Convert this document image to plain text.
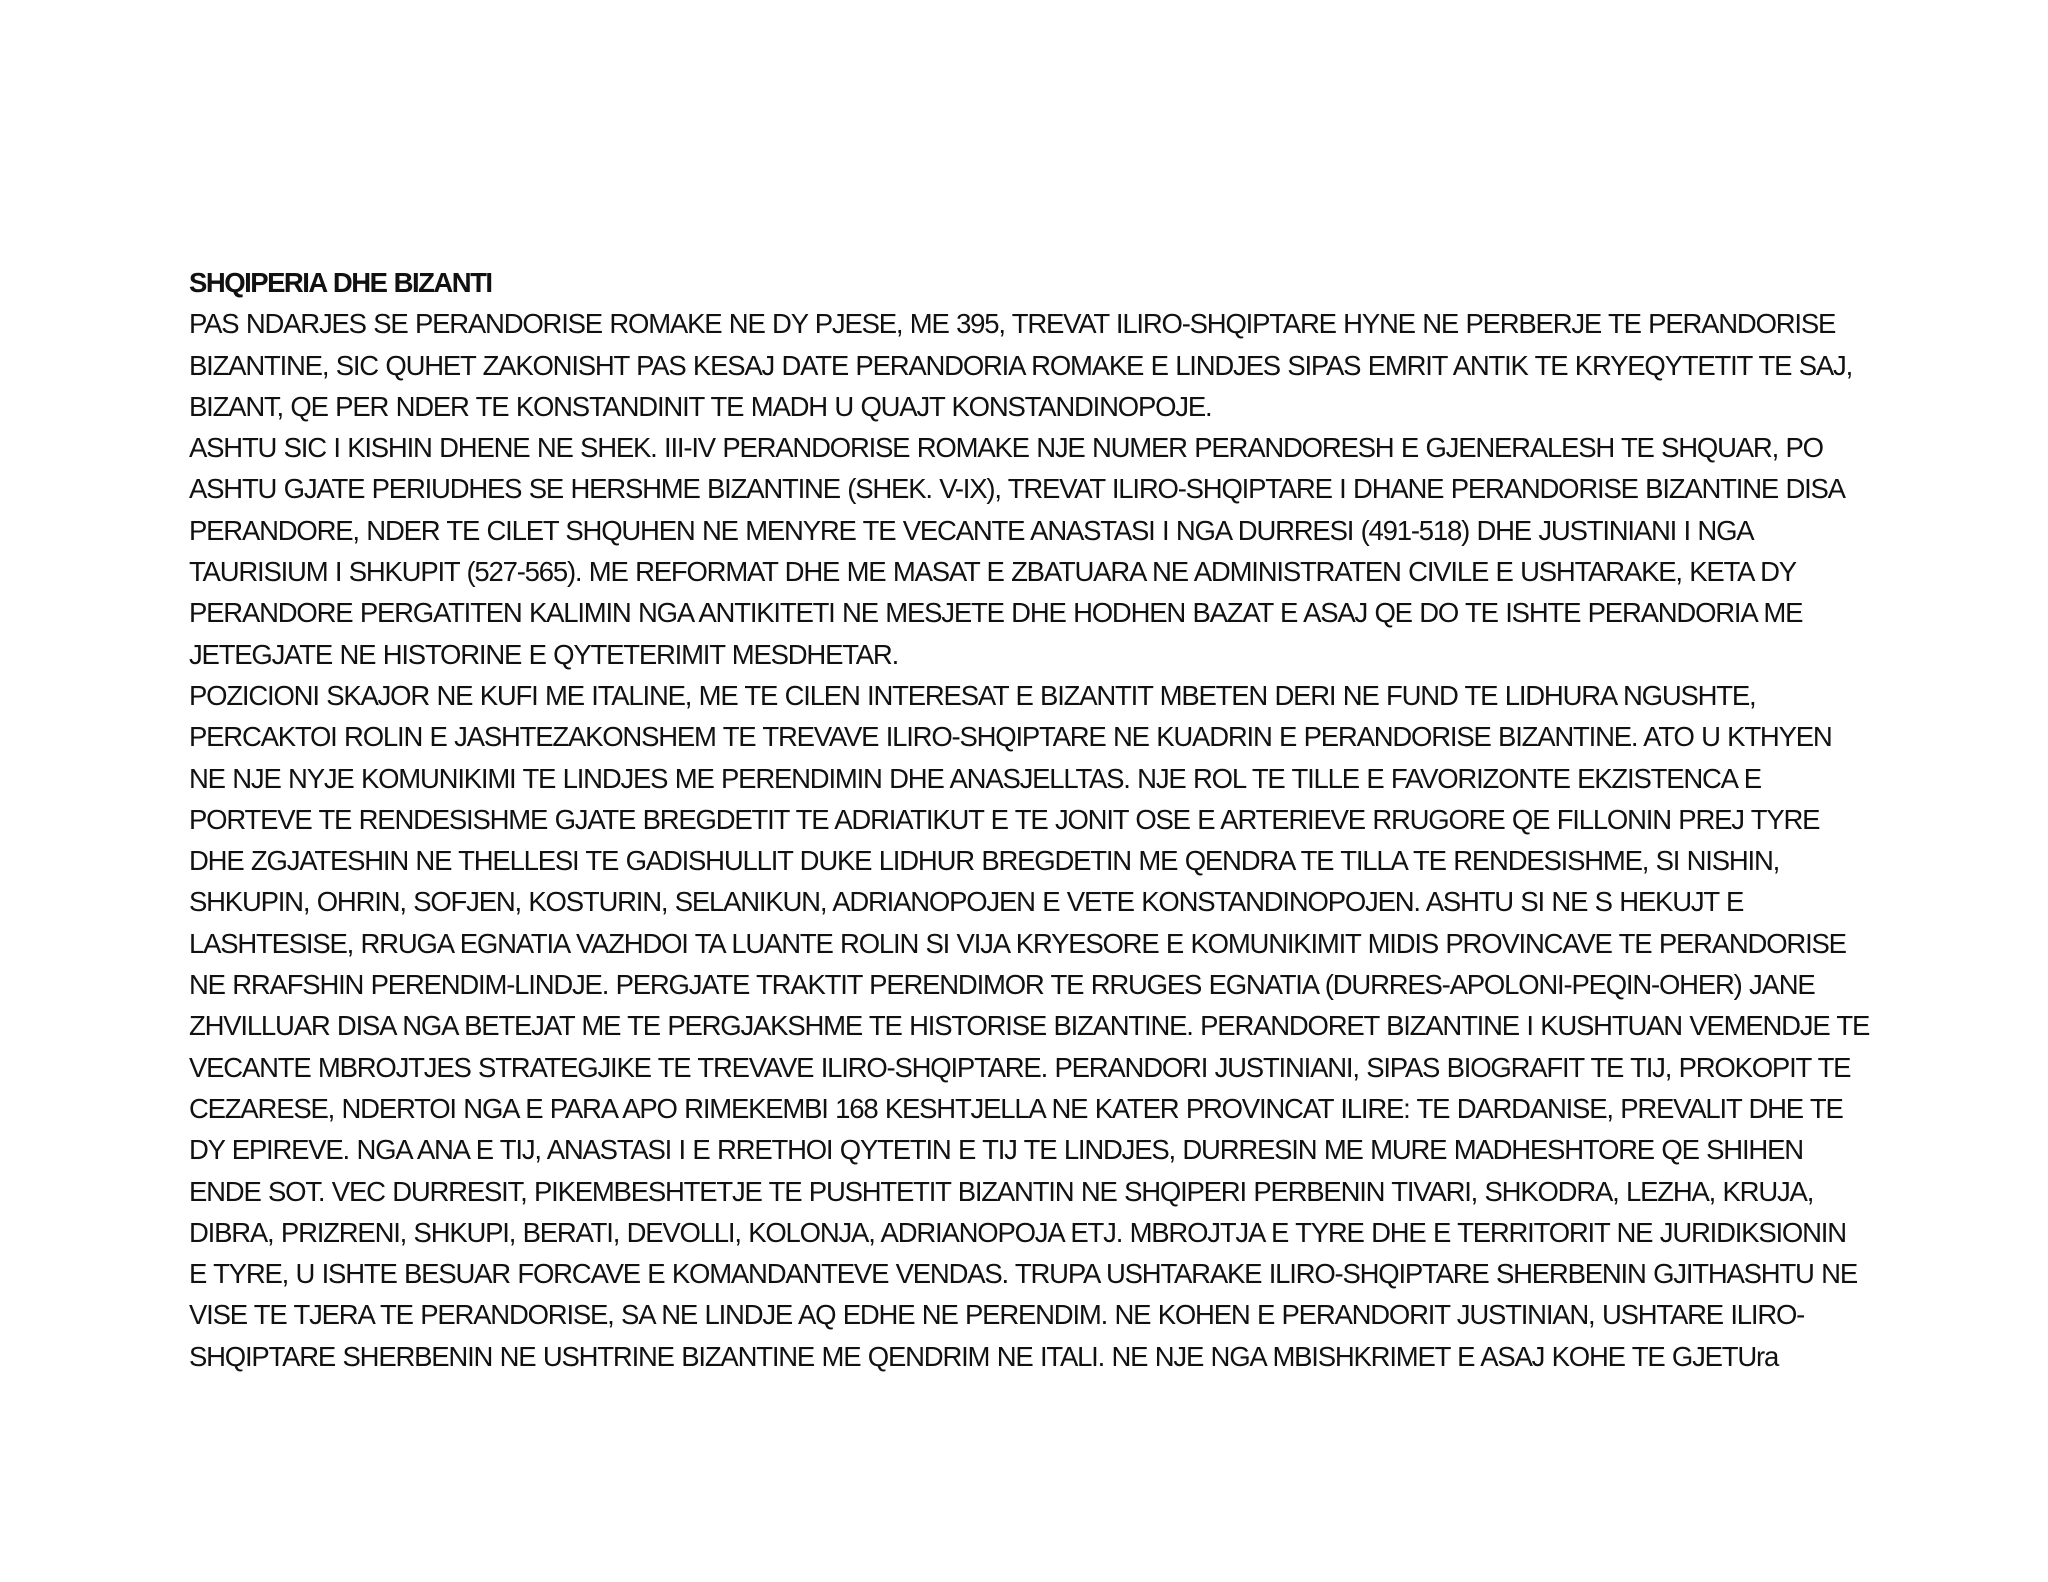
SHQIPERIA DHE BIZANTI
PAS NDARJES SE PERANDORISE ROMAKE NE DY PJESE, ME 395, TREVAT ILIRO-SHQIPTARE HYNE NE PERBERJE TE PERANDORISE
BIZANTINE, SIC QUHET ZAKONISHT PAS KESAJ DATE PERANDORIA ROMAKE E LINDJES SIPAS EMRIT ANTIK TE KRYEQYTETIT TE SAJ,
BIZANT, QE PER NDER TE KONSTANDINIT TE MADH U QUAJT KONSTANDINOPOJE.
ASHTU SIC I KISHIN DHENE NE SHEK. III-IV PERANDORISE ROMAKE NJE NUMER PERANDORESH E GJENERALESH TE SHQUAR, PO
ASHTU GJATE PERIUDHES SE HERSHME BIZANTINE (SHEK. V-IX), TREVAT ILIRO-SHQIPTARE I DHANE PERANDORISE BIZANTINE DISA
PERANDORE, NDER TE CILET SHQUHEN NE MENYRE TE VECANTE ANASTASI I NGA DURRESI (491-518) DHE JUSTINIANI I NGA
TAURISIUM I SHKUPIT (527-565). ME REFORMAT DHE ME MASAT E ZBATUARA NE ADMINISTRATEN CIVILE E USHTARAKE, KETA DY
PERANDORE PERGATITEN KALIMIN NGA ANTIKITETI NE MESJETE DHE HODHEN BAZAT E ASAJ QE DO TE ISHTE PERANDORIA ME
JETEGJATE NE HISTORINE E QYTETERIMIT MESDHETAR.
POZICIONI SKAJOR NE KUFI ME ITALINE, ME TE CILEN INTERESAT E BIZANTIT MBETEN DERI NE FUND TE LIDHURA NGUSHTE,
PERCAKTOI ROLIN E JASHTEZAKONSHEM TE TREVAVE ILIRO-SHQIPTARE NE KUADRIN E PERANDORISE BIZANTINE. ATO U KTHYEN
NE NJE NYJE KOMUNIKIMI TE LINDJES ME PERENDIMIN DHE ANASJELLTAS. NJE ROL TE TILLE E FAVORIZONTE EKZISTENCA E
PORTEVE TE RENDESISHME GJATE BREGDETIT TE ADRIATIKUT E TE JONIT OSE E ARTERIEVE RRUGORE QE FILLONIN PREJ TYRE
DHE ZGJATESHIN NE THELLESI TE GADISHULLIT DUKE LIDHUR BREGDETIN ME QENDRA TE TILLA TE RENDESISHME, SI NISHIN,
SHKUPIN, OHRIN, SOFJEN, KOSTURIN, SELANIKUN, ADRIANOPOJEN E VETE KONSTANDINOPOJEN. ASHTU SI NE S HEKUJT E
LASHTESISE, RRUGA EGNATIA VAZHDOI TA LUANTE ROLIN SI VIJA KRYESORE E KOMUNIKIMIT MIDIS PROVINCAVE TE PERANDORISE
NE RRAFSHIN PERENDIM-LINDJE. PERGJATE TRAKTIT PERENDIMOR TE RRUGES EGNATIA (DURRES-APOLONI-PEQIN-OHER) JANE
ZHVILLUAR DISA NGA BETEJAT ME TE PERGJAKSHME TE HISTORISE BIZANTINE. PERANDORET BIZANTINE I KUSHTUAN VEMENDJE TE
VECANTE MBROJTJES STRATEGJIKE TE TREVAVE ILIRO-SHQIPTARE. PERANDORI JUSTINIANI, SIPAS BIOGRAFIT TE TIJ, PROKOPIT TE
CEZARESE, NDERTOI NGA E PARA APO RIMEKEMBI 168 KESHTJELLA NE KATER PROVINCAT ILIRE: TE DARDANISE, PREVALIT DHE TE
DY EPIREVE. NGA ANA E TIJ, ANASTASI I E RRETHOI QYTETIN E TIJ TE LINDJES, DURRESIN ME MURE MADHESHTORE QE SHIHEN
ENDE SOT. VEC DURRESIT, PIKEMBESHTETJE TE PUSHTETIT BIZANTIN NE SHQIPERI PERBENIN TIVARI, SHKODRA, LEZHA, KRUJA,
DIBRA, PRIZRENI, SHKUPI, BERATI, DEVOLLI, KOLONJA, ADRIANOPOJA ETJ. MBROJTJA E TYRE DHE E TERRITORIT NE JURIDIKSIONIN
E TYRE, U ISHTE BESUAR FORCAVE E KOMANDANTEVE VENDAS. TRUPA USHTARAKE ILIRO-SHQIPTARE SHERBENIN GJITHASHTU NE
VISE TE TJERA TE PERANDORISE, SA NE LINDJE AQ EDHE NE PERENDIM. NE KOHEN E PERANDORIT JUSTINIAN, USHTARE ILIRO-
SHQIPTARE SHERBENIN NE USHTRINE BIZANTINE ME QENDRIM NE ITALI. NE NJE NGA MBISHKRIMET E ASAJ KOHE TE GJETUra
